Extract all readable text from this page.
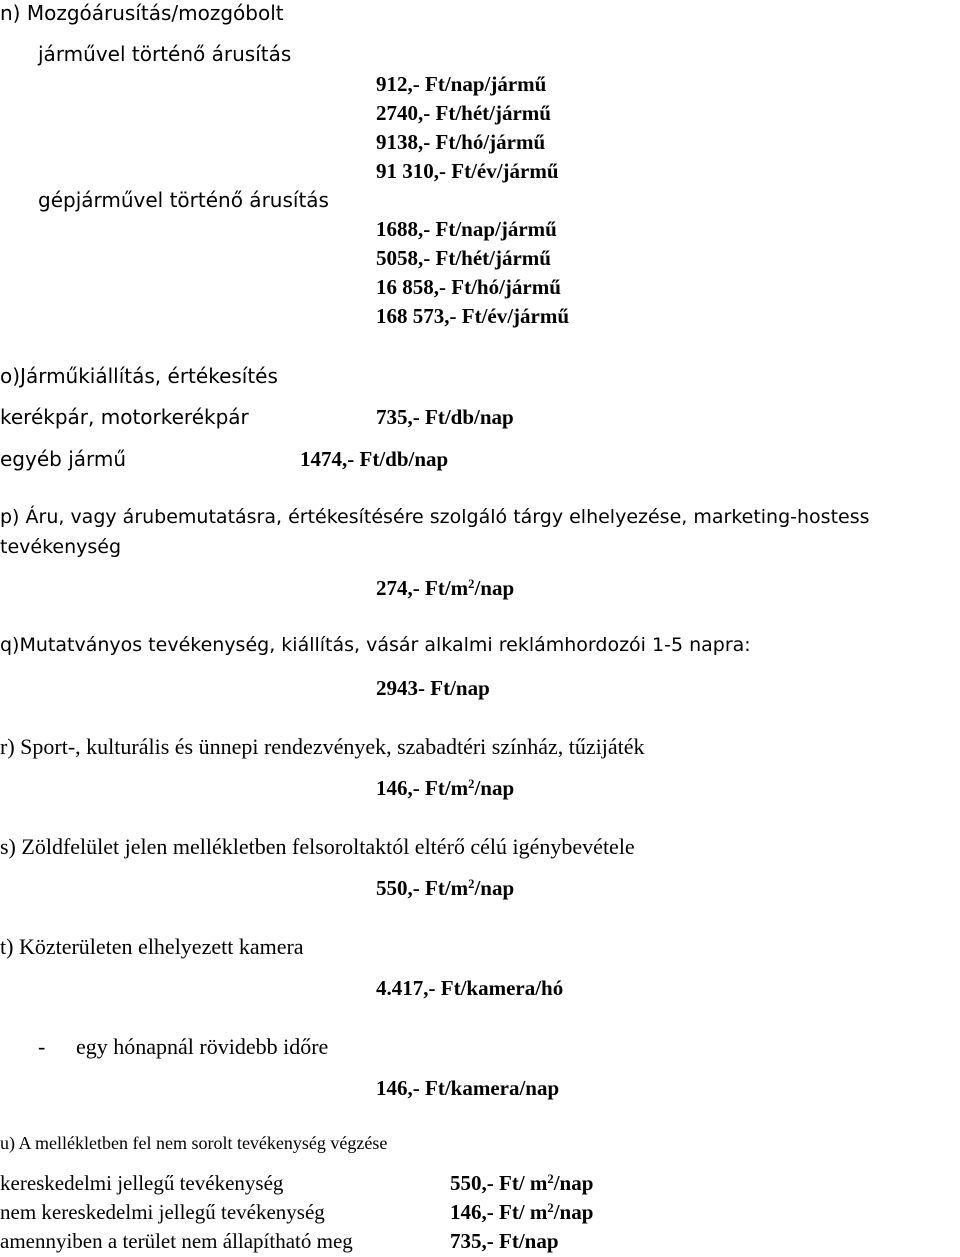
n) Mozgóárusítás/mozgóbolt
járművel történő árusítás
912,- Ft/nap/jármű
2740,- Ft/hét/jármű
9138,- Ft/hó/jármű
91 310,- Ft/év/jármű
gépjárművel történő árusítás
1688,- Ft/nap/jármű
5058,- Ft/hét/jármű
16 858,- Ft/hó/jármű
168 573,- Ft/év/jármű
o)Járműkiállítás, értékesítés
kerékpár, motorkerékpár	735,- Ft/db/nap
egyéb jármű	1474,- Ft/db/nap
p) Áru, vagy árubemutatásra, értékesítésére szolgáló tárgy elhelyezése, marketing-hostess
tevékenység
274,- $Ft/m^2$/nap
q)Mutatványos tevékenység, kiállítás, vásár alkalmi reklámhordozói 1-5 napra:
2943- Ft/nap
r) Sport-, kulturális és ünnepi rendezvények, szabadtéri színház, tűzijáték
146,- $Ft/m^2$/nap
s) Zöldfelület jelen mellékletben felsoroltaktól eltérő célú igénybevétele
550,- $Ft/m^2$/nap
t) Közterületen elhelyezett kamera
4.417,- Ft/kamera/hó
- egy hónapnál rövidebb időre
146,- Ft/kamera/nap
u) A mellékletben fel nem sorolt tevékenység végzése
kereskedelmi jellegű tevékenység	550,- Ft/ $m^2$/nap
nem kereskedelmi jellegű tevékenység	146,- Ft/ $m^2$/nap
amennyiben a terület nem állapítható meg	735,- Ft/nap
